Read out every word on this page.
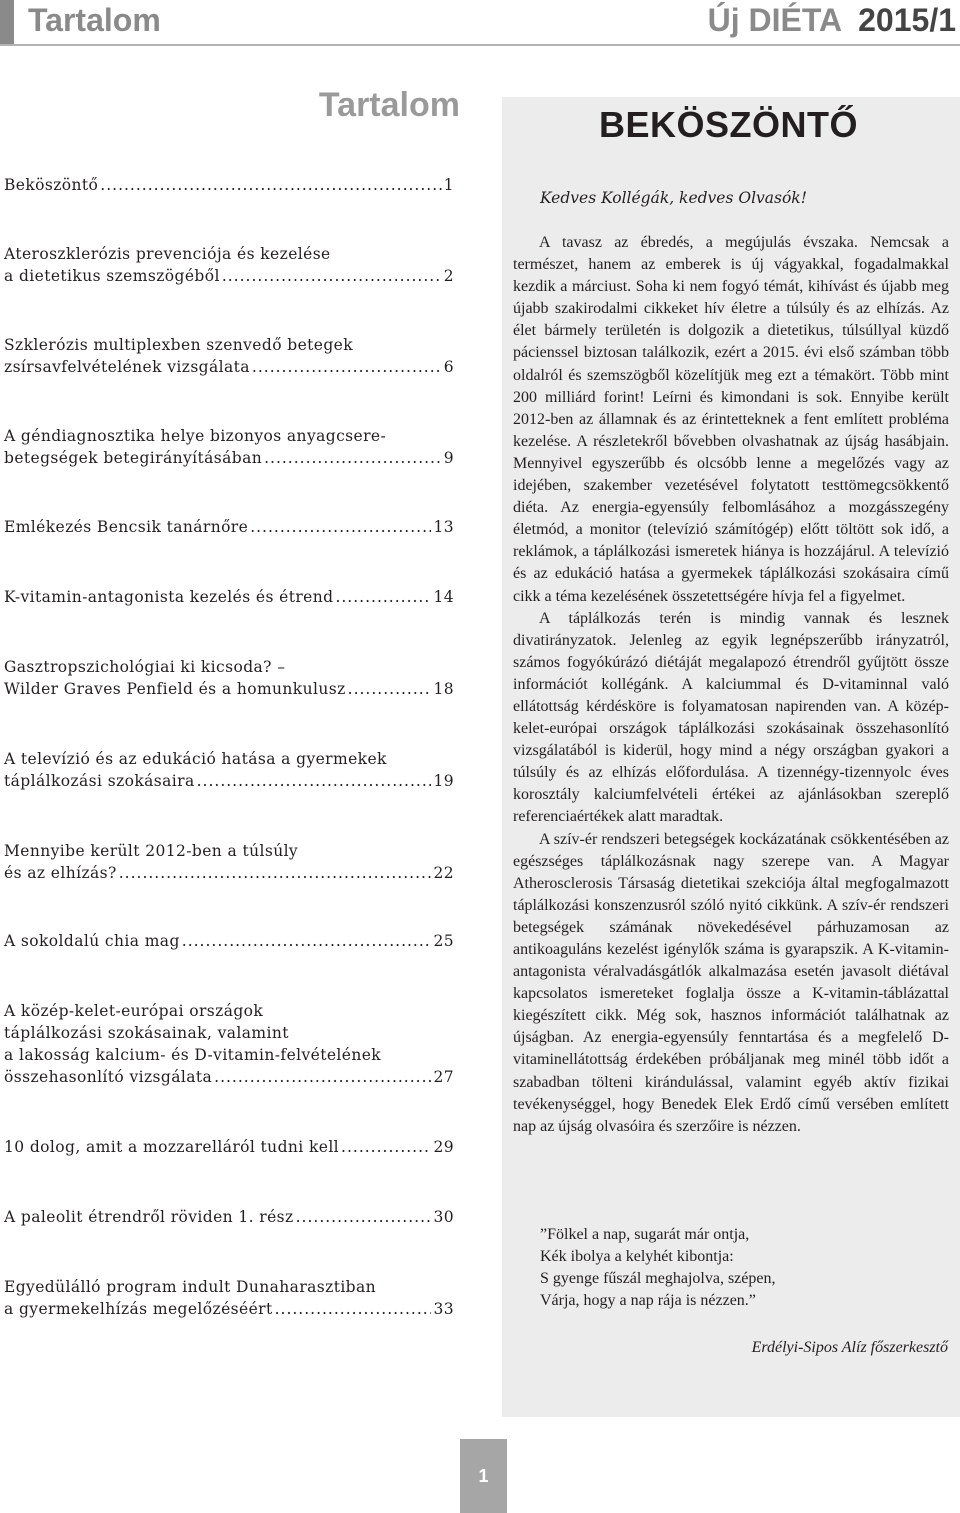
Tartalom	Új DIÉTA 2015/1
Tartalom
Beköszöntő .....	1
Ateroszklerózis prevenciója és kezelése
a dietetikus szemszögéből .....	2
Szklerózis multiplexben szenvedő betegek
zsírsavfelvételének vizsgálata .....	6
A géndiagnosztika helye bizonyos anyagcsere-
betegségek betegirányításában .....	9
Emlékezés Bencsik tanárnőre .....	13
K-vitamin-antagonista kezelés és étrend .....	14
Gasztropszichológiai ki kicsoda? –
Wilder Graves Penfield és a homunkulusz .....	18
A televízió és az edukáció hatása a gyermekek
táplálkozási szokásaira .....	19
Mennyibe került 2012-ben a túlsúly
és az elhízás? .....	22
A sokoldalú chia mag .....	25
A közép-kelet-európai országok
táplálkozási szokásainak, valamint
a lakosság kalcium- és D-vitamin-felvételének
összehasonlító vizsgálata .....	27
10 dolog, amit a mozzarelláról tudni kell .....	29
A paleolit étrendről röviden 1. rész .....	30
Egyedülálló program indult Dunaharasztiban
a gyermekelhízás megelőzéséért .....	33
BEKÖSZÖNTŐ
Kedves Kollégák, kedves Olvasók!

A tavasz az ébredés, a megújulás évszaka. Nemcsak a természet, hanem az emberek is új vágyakkal, fogadalmakkal kezdik a márciust. Soha ki nem fogyó témát, kihívást és újabb meg újabb szakirodalmi cikkeket hív életre a túlsúly és az elhízás. Az élet bármely területén is dolgozik a dietetikus, túlsúllyal küzdő pácienssel biztosan találkozik, ezért a 2015. évi első számban több oldalról és szemszögből közelítjük meg ezt a témakört. Több mint 200 milliárd forint! Leírni és kimondani is sok. Ennyibe került 2012-ben az államnak és az érintetteknek a fent említett probléma kezelése. A részletekről bővebben olvashatnak az újság hasábjain. Mennyivel egyszerűbb és olcsóbb lenne a megelőzés vagy az idejében, szakember vezetésével folytatott testtömegcsökkentő diéta. Az energia-egyensúly felbomlásához a mozgásszegény életmód, a monitor (televízió számítógép) előtt töltött sok idő, a reklámok, a táplálkozási ismeretek hiánya is hozzájárul. A televízió és az edukáció hatása a gyermekek táplálkozási szokásaira című cikk a téma kezelésének összetettségére hívja fel a figyelmet.

A táplálkozás terén is mindig vannak és lesznek divatirányzatok. Jelenleg az egyik legnépszerűbb irányzatról, számos fogyókúrázó diétáját megalapozó étrendről gyűjtött össze információt kollégánk. A kalciummal és D-vitaminnal való ellátottság kérdésköre is folyamatosan napirenden van. A közép-kelet-európai országok táplálkozási szokásainak összehasonlító vizsgálatából is kiderül, hogy mind a négy országban gyakori a túlsúly és az elhízás előfordulása. A tizennégy-tizennyolc éves korosztály kalciumfelvételi értékei az ajánlásokban szereplő referenciaértékek alatt maradtak.

A szív-ér rendszeri betegségek kockázatának csökkentésében az egészséges táplálkozásnak nagy szerepe van. A Magyar Atherosclerosis Társaság dietetikai szekciója által megfogalmazott táplálkozási konszenzusról szóló nyitó cikkünk. A szív-ér rendszeri betegségek számának növekedésével párhuzamosan az antikoaguláns kezelést igénylők száma is gyarapszik. A K-vitamin-antagonista véralvadásgátlók alkalmazása esetén javasolt diétával kapcsolatos ismereteket foglalja össze a K-vitamin-táblázattal kiegészített cikk. Még sok, hasznos információt találhatnak az újságban. Az energia-egyensúly fenntartása és a megfelelő D-vitaminellátottság érdekében próbáljanak meg minél több időt a szabadban tölteni kirándulással, valamint egyéb aktív fizikai tevékenységgel, hogy Benedek Elek Erdő című versében említett nap az újság olvasóira és szerzőire is nézzen.

”Fölkel a nap, sugarát már ontja,
Kék ibolya a kelyhét kibontja:
S gyenge fűszál meghajolva, szépen,
Várja, hogy a nap rája is nézzen.”
Erdélyi-Sipos Alíz főszerkesztő
1
